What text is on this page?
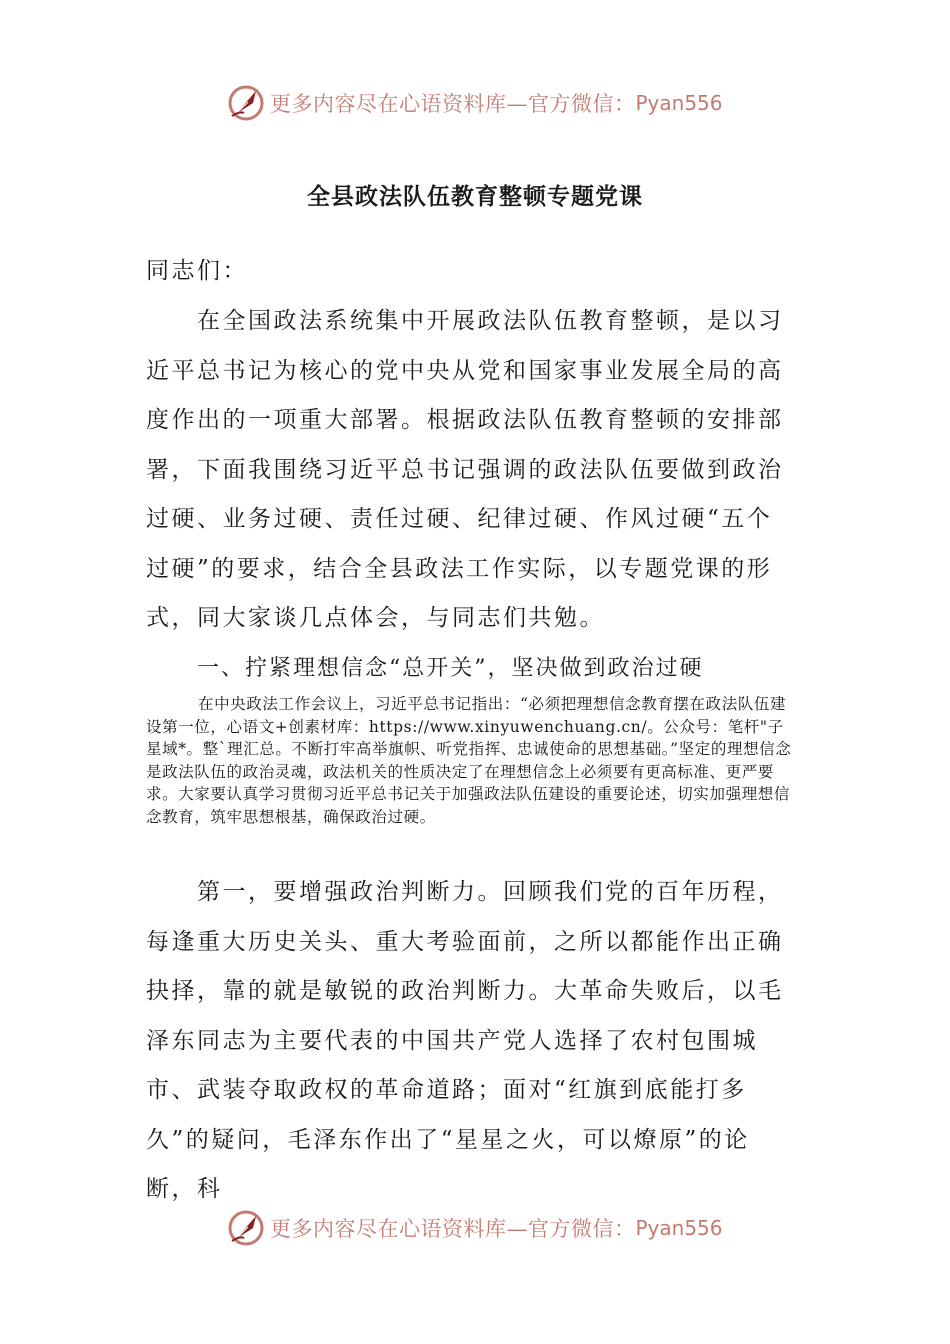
更多内容尽在心语资料库—官方微信： Pyan556
全县政法队伍教育整顿专题党课

同志们：

在全国政法系统集中开展政法队伍教育整顿，是以习近平总书记为核心的党中央从党和国家事业发展全局的高度作出的一项重大部署。根据政法队伍教育整顿的安排部署，下面我围绕习近平总书记强调的政法队伍要做到政治过硬、业务过硬、责任过硬、纪律过硬、作风过硬“五个过硬”的要求，结合全县政法工作实际，以专题党课的形式，同大家谈几点体会，与同志们共勉。

一、拧紧理想信念“总开关”，坚决做到政治过硬

在中央政法工作会议上，习近平总书记指出：“必须把理想信念教育摆在政法队伍建设第一位，心语文+创素材库：https://www.xinyuwenchuang.cn/。公众号：笔杆"子星域*。整`理汇总。不断打牢高举旗帜、听党指挥、忠诚使命的思想基础。”坚定的理想信念是政法队伍的政治灵魂，政法机关的性质决定了在理想信念上必须要有更高标准、更严要求。大家要认真学习贯彻习近平总书记关于加强政法队伍建设的重要论述，切实加强理想信念教育，筑牢思想根基，确保政治过硬。

第一，要增强政治判断力。回顾我们党的百年历程，每逢重大历史关头、重大考验面前，之所以都能作出正确抉择，靠的就是敏锐的政治判断力。大革命失败后，以毛泽东同志为主要代表的中国共产党人选择了农村包围城市、武装夺取政权的革命道路；面对“红旗到底能打多久”的疑问，毛泽东作出了“星星之火，可以燎原”的论断，科

更多内容尽在心语资料库—官方微信： Pyan556
